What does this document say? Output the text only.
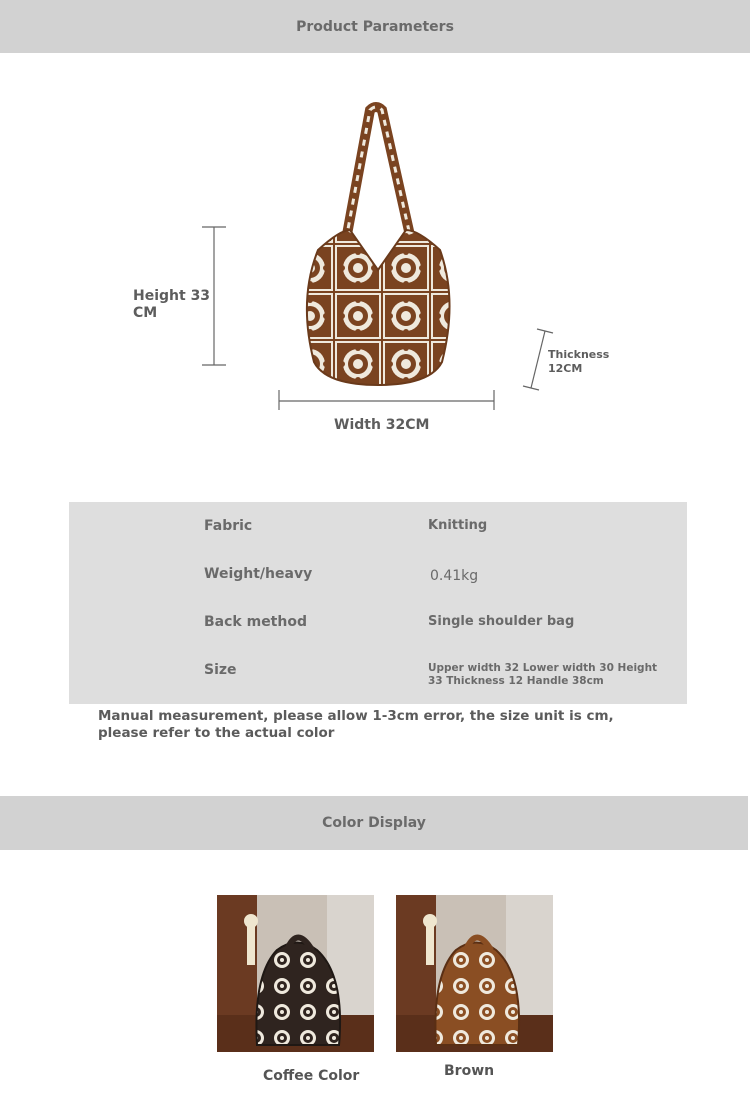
Product Parameters
Height 33 CM
Width 32CM
Thickness 12CM
Fabric	Knitting
Weight/heavy	0.41kg
Back method	Single shoulder bag
Size	Upper width 32 Lower width 30 Height 33 Thickness 12 Handle 38cm
Manual measurement, please allow 1-3cm error, the size unit is cm, please refer to the actual color
Color Display
Coffee Color	Brown
